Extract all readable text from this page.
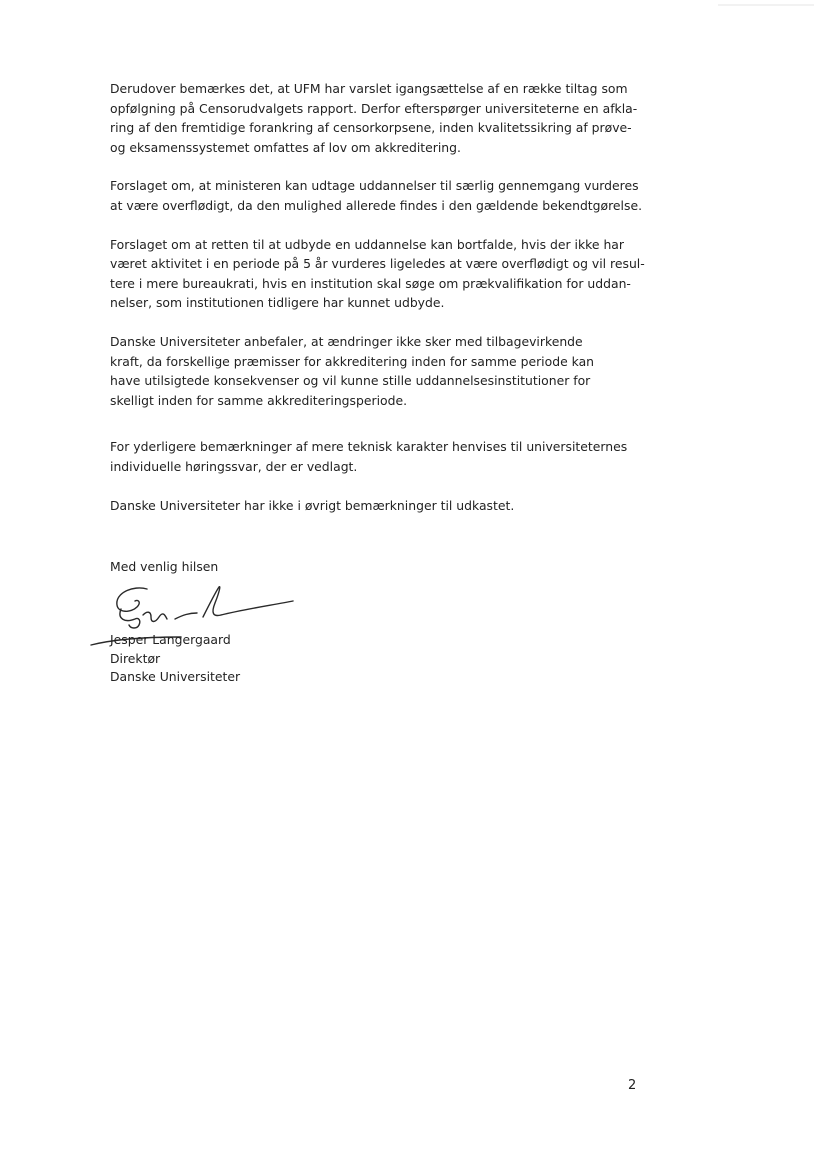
Derudover bemærkes det, at UFM har varslet igangsættelse af en række tiltag som
opfølgning på Censorudvalgets rapport. Derfor efterspørger universiteterne en afkla-
ring af den fremtidige forankring af censorkorpsene, inden kvalitetssikring af prøve-
og eksamenssystemet omfattes af lov om akkreditering.

Forslaget om, at ministeren kan udtage uddannelser til særlig gennemgang vurderes
at være overflødigt, da den mulighed allerede findes i den gældende bekendtgørelse.

Forslaget om at retten til at udbyde en uddannelse kan bortfalde, hvis der ikke har
været aktivitet i en periode på 5 år vurderes ligeledes at være overflødigt og vil resul-
tere i mere bureaukrati, hvis en institution skal søge om prækvalifikation for uddan-
nelser, som institutionen tidligere har kunnet udbyde.

Danske Universiteter anbefaler, at ændringer ikke sker med tilbagevirkende
kraft, da forskellige præmisser for akkreditering inden for samme periode kan
have utilsigtede konsekvenser og vil kunne stille uddannelsesinstitutioner for
skelligt inden for samme akkrediteringsperiode.

For yderligere bemærkninger af mere teknisk karakter henvises til universiteternes
individuelle høringssvar, der er vedlagt.

Danske Universiteter har ikke i øvrigt bemærkninger til udkastet.

Med venlig hilsen
Jesper Langergaard
Direktør
Danske Universiteter
2
